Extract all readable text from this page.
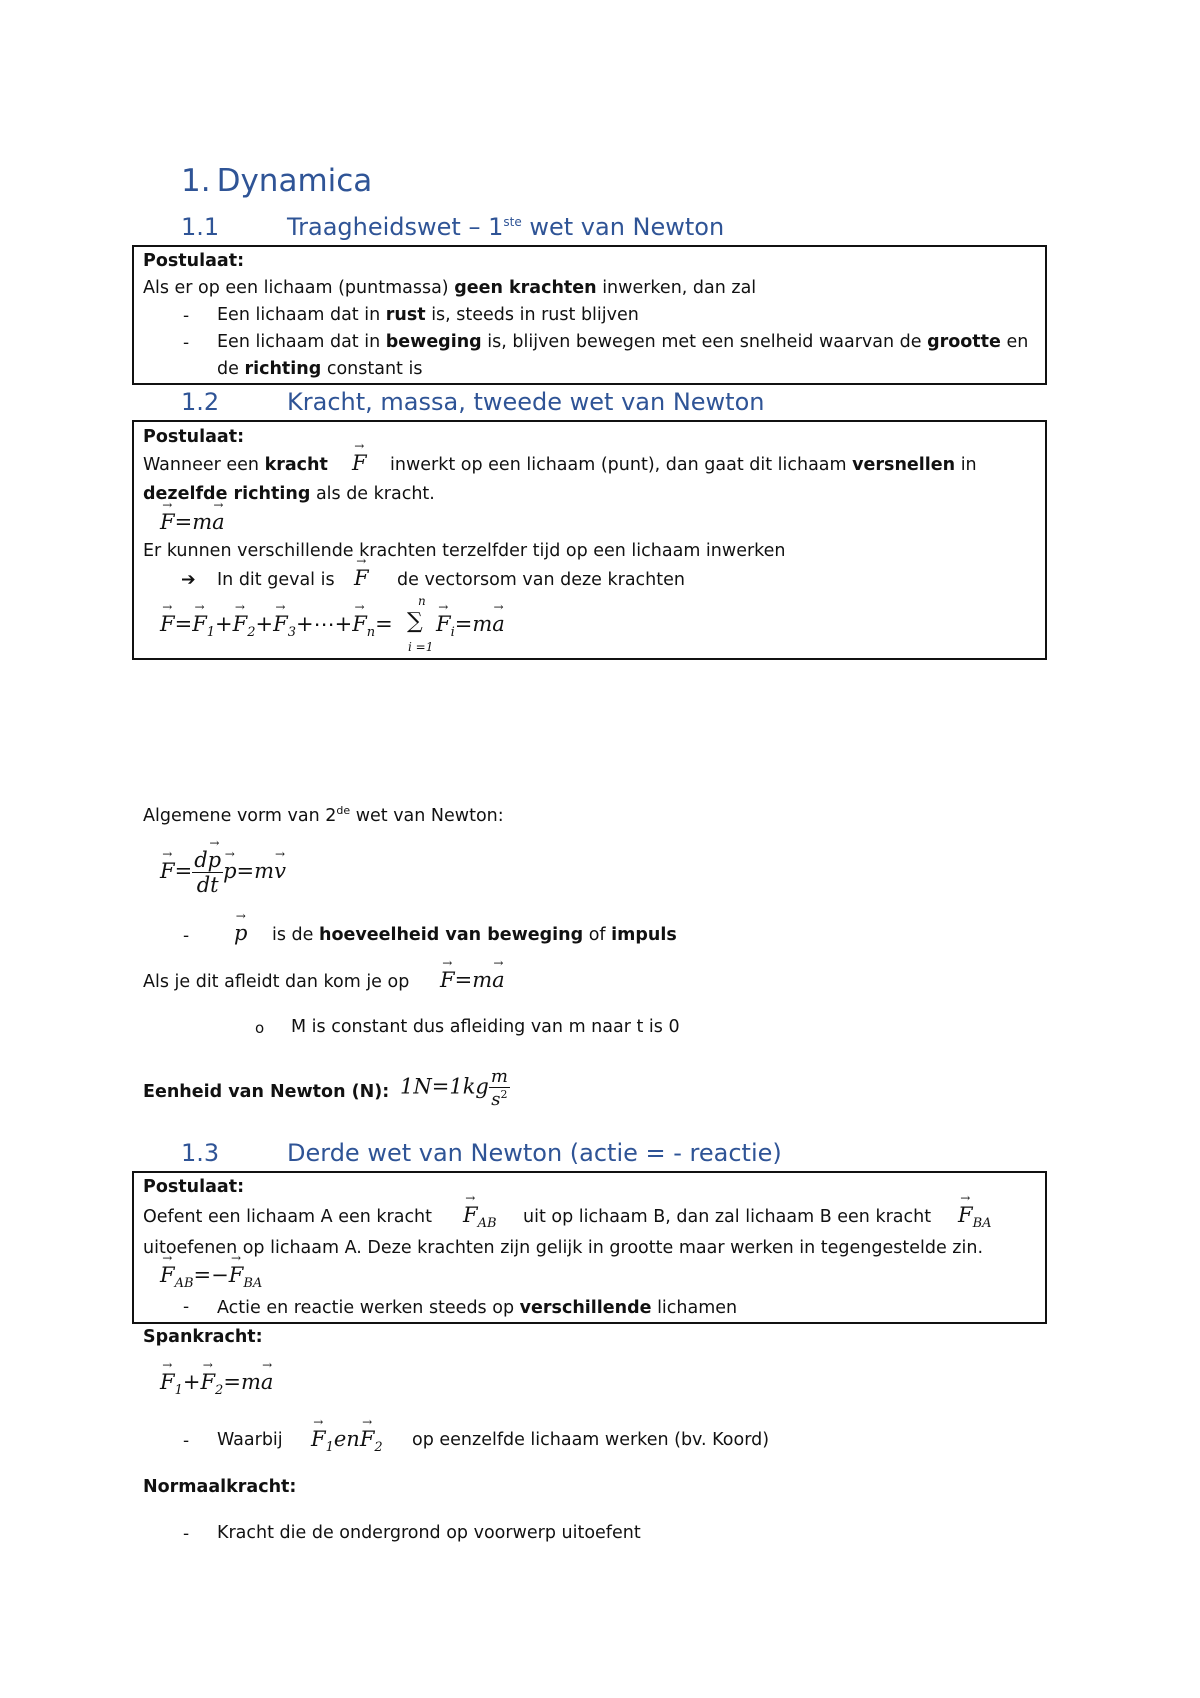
1. Dynamica
1.1	Traagheidswet – 1ste wet van Newton
Postulaat:
Als er op een lichaam (puntmassa) geen krachten inwerken, dan zal
- Een lichaam dat in rust is, steeds in rust blijven
- Een lichaam dat in beweging is, blijven bewegen met een snelheid waarvan de grootte en
de richting constant is
1.2	Kracht, massa, tweede wet van Newton
Postulaat:
Wanneer een kracht
→ F inwerkt op een lichaam (punt), dan gaat dit lichaam versnellen in
dezelfde richting als de kracht.
→ F=m→ a
Er kunnen verschillende krachten terzelfder tijd op een lichaam inwerken
➔ In dit geval is
→ F de vectorsom van deze krachten
→ $F=\to F_1+\to F_2+\to$ $F_3+\cdots+\to F_n=$ ∑
n
i =1
→ $F_i=m\to a$
Algemene vorm van 2de wet van Newton:
→ $F= \frac{d\to p}{dt}$
→ p=m→ v
-
→ p is de hoeveelheid van beweging of impuls
Als je dit afleidt dan kom je op
→ F=m→ a
o M is constant dus afleiding van m naar t is 0
Eenheid van Newton (N): $1N=1kg \frac{m}{s^2}$
1.3	Derde wet van Newton (actie = - reactie)
Postulaat:
Oefent een lichaam A een kracht
→ $F_{AB}$ uit op lichaam B, dan zal lichaam B een kracht
→ $F_{BA}$
uitoefenen op lichaam A. Deze krachten zijn gelijk in grootte maar werken in tegengestelde zin.
→ $F_{AB}=-\to F_{BA}$
- Actie en reactie werken steeds op verschillende lichamen
Spankracht:
→ $F_1+\to F_2=m\to a$
- Waarbij
→ $F_1en\to F_2$ op eenzelfde lichaam werken (bv. Koord)
Normaalkracht:
- Kracht die de ondergrond op voorwerp uitoefent
